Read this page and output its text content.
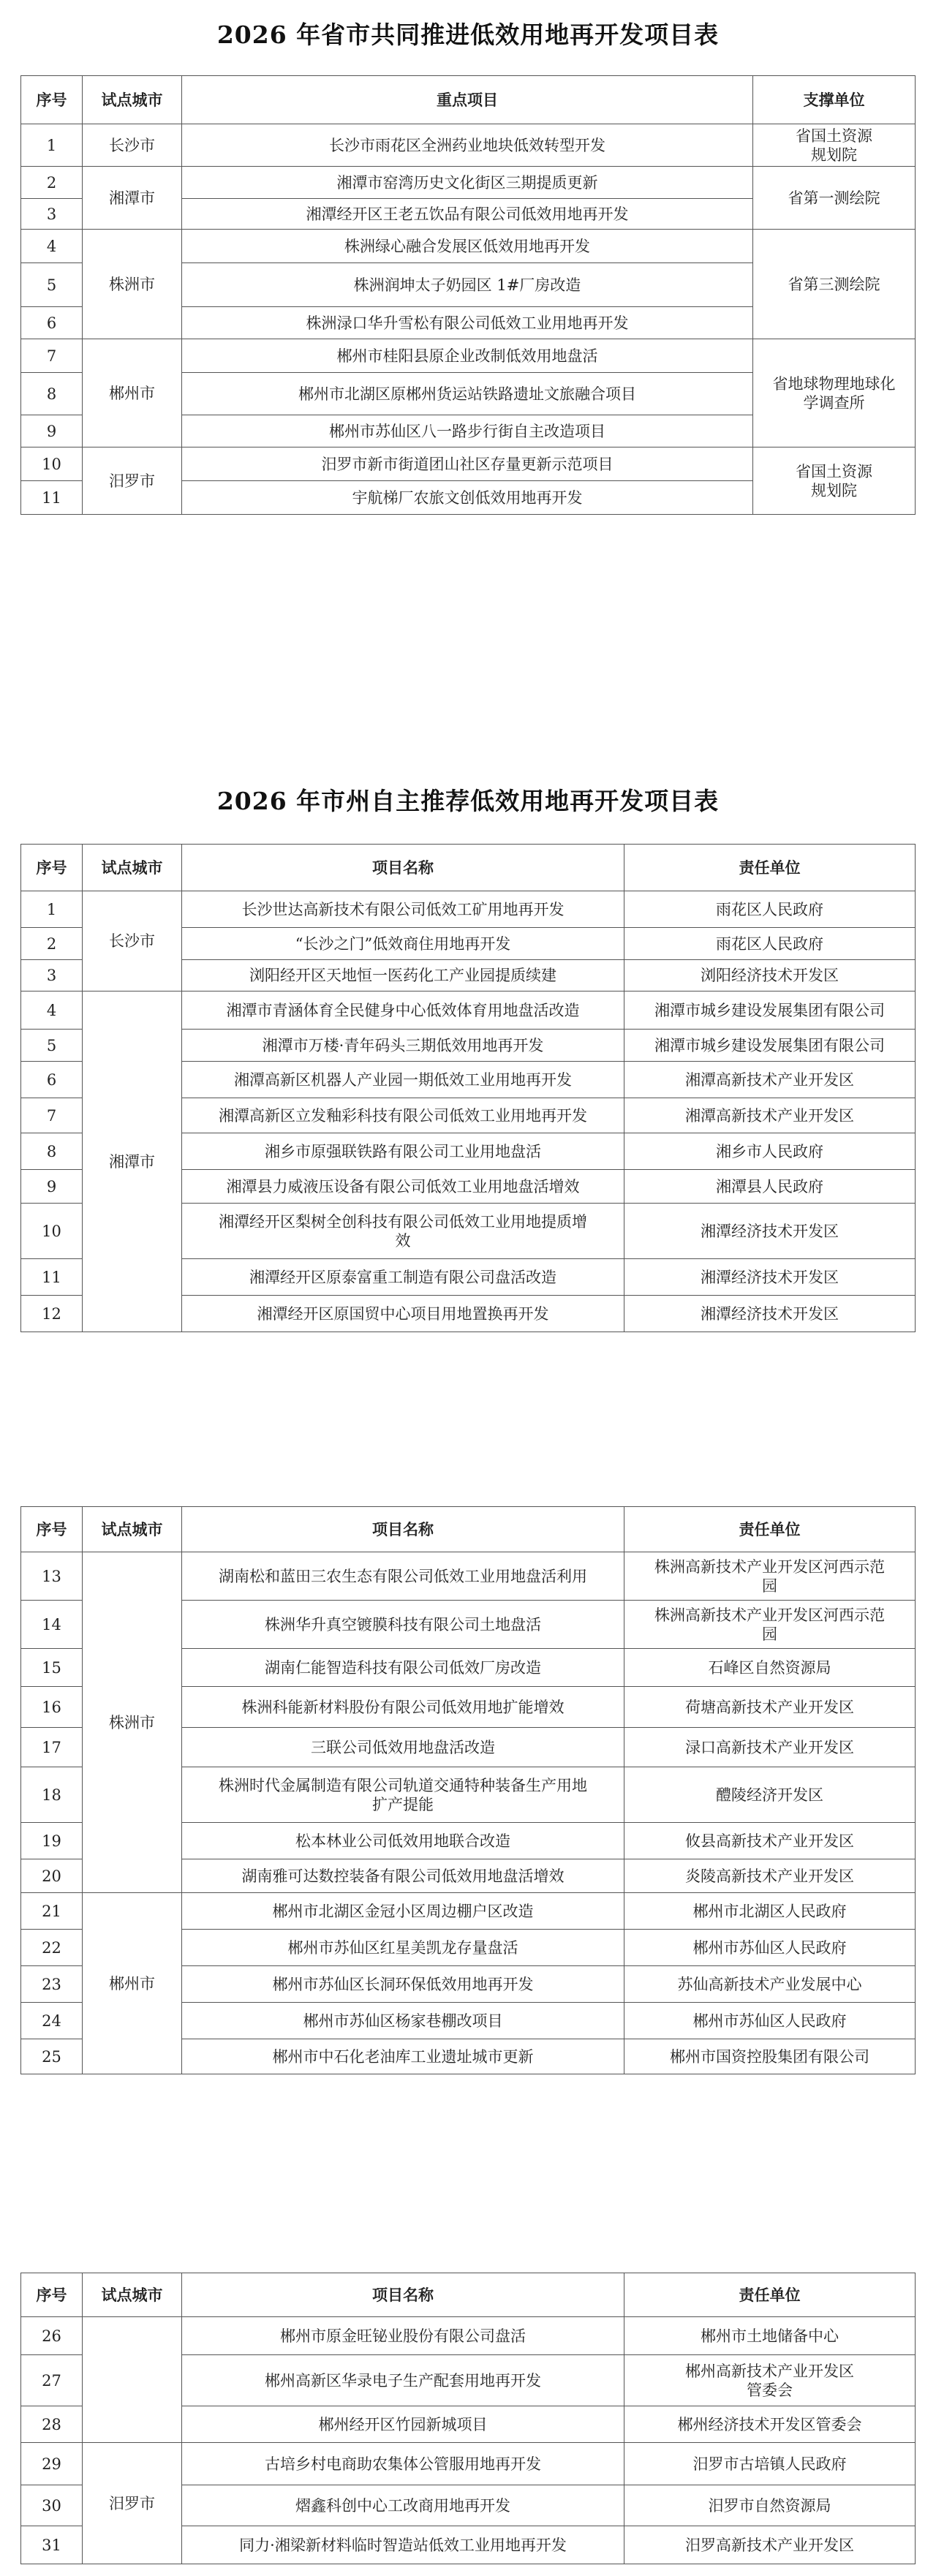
2026 年省市共同推进低效用地再开发项目表
序号	试点城市	重点项目	支撑单位
1	长沙市	长沙市雨花区全洲药业地块低效转型开发	省国土资源
规划院
2	湘潭市	湘潭市窑湾历史文化街区三期提质更新	省第一测绘院
3		湘潭经开区王老五饮品有限公司低效用地再开发	
4	株洲市	株洲绿心融合发展区低效用地再开发	省第三测绘院
5		株洲润坤太子奶园区 1#厂房改造	
6		株洲渌口华升雪松有限公司低效工业用地再开发	
7	郴州市	郴州市桂阳县原企业改制低效用地盘活	省地球物理地球化
学调查所
8		郴州市北湖区原郴州货运站铁路遗址文旅融合项目	
9		郴州市苏仙区八一路步行街自主改造项目	
10	汨罗市	汨罗市新市街道团山社区存量更新示范项目	省国土资源
规划院
11		宇航梯厂农旅文创低效用地再开发	
2026 年市州自主推荐低效用地再开发项目表
序号	试点城市	项目名称	责任单位
1	长沙市	长沙世达高新技术有限公司低效工矿用地再开发	雨花区人民政府
2		“长沙之门”低效商住用地再开发	雨花区人民政府
3		浏阳经开区天地恒一医药化工产业园提质续建	浏阳经济技术开发区
4	湘潭市	湘潭市青涵体育全民健身中心低效体育用地盘活改造	湘潭市城乡建设发展集团有限公司
5		湘潭市万楼·青年码头三期低效用地再开发	湘潭市城乡建设发展集团有限公司
6		湘潭高新区机器人产业园一期低效工业用地再开发	湘潭高新技术产业开发区
7		湘潭高新区立发釉彩科技有限公司低效工业用地再开发	湘潭高新技术产业开发区
8		湘乡市原强联铁路有限公司工业用地盘活	湘乡市人民政府
9		湘潭县力威液压设备有限公司低效工业用地盘活增效	湘潭县人民政府
10		湘潭经开区梨树全创科技有限公司低效工业用地提质增
效	湘潭经济技术开发区
11		湘潭经开区原泰富重工制造有限公司盘活改造	湘潭经济技术开发区
12		湘潭经开区原国贸中心项目用地置换再开发	湘潭经济技术开发区
序号	试点城市	项目名称	责任单位
13	株洲市	湖南松和蓝田三农生态有限公司低效工业用地盘活利用	株洲高新技术产业开发区河西示范
园
14		株洲华升真空镀膜科技有限公司土地盘活	株洲高新技术产业开发区河西示范
园
15		湖南仁能智造科技有限公司低效厂房改造	石峰区自然资源局
16		株洲科能新材料股份有限公司低效用地扩能增效	荷塘高新技术产业开发区
17		三联公司低效用地盘活改造	渌口高新技术产业开发区
18		株洲时代金属制造有限公司轨道交通特种装备生产用地
扩产提能	醴陵经济开发区
19		松本林业公司低效用地联合改造	攸县高新技术产业开发区
20		湖南雅可达数控装备有限公司低效用地盘活增效	炎陵高新技术产业开发区
21	郴州市	郴州市北湖区金冠小区周边棚户区改造	郴州市北湖区人民政府
22		郴州市苏仙区红星美凯龙存量盘活	郴州市苏仙区人民政府
23		郴州市苏仙区长洞环保低效用地再开发	苏仙高新技术产业发展中心
24		郴州市苏仙区杨家巷棚改项目	郴州市苏仙区人民政府
25		郴州市中石化老油库工业遗址城市更新	郴州市国资控股集团有限公司
序号	试点城市	项目名称	责任单位
26		郴州市原金旺铋业股份有限公司盘活	郴州市土地储备中心
27		郴州高新区华录电子生产配套用地再开发	郴州高新技术产业开发区
管委会
28		郴州经开区竹园新城项目	郴州经济技术开发区管委会
29	汨罗市	古培乡村电商助农集体公管服用地再开发	汨罗市古培镇人民政府
30		熠鑫科创中心工改商用地再开发	汨罗市自然资源局
31		同力·湘梁新材料临时智造站低效工业用地再开发	汨罗高新技术产业开发区
